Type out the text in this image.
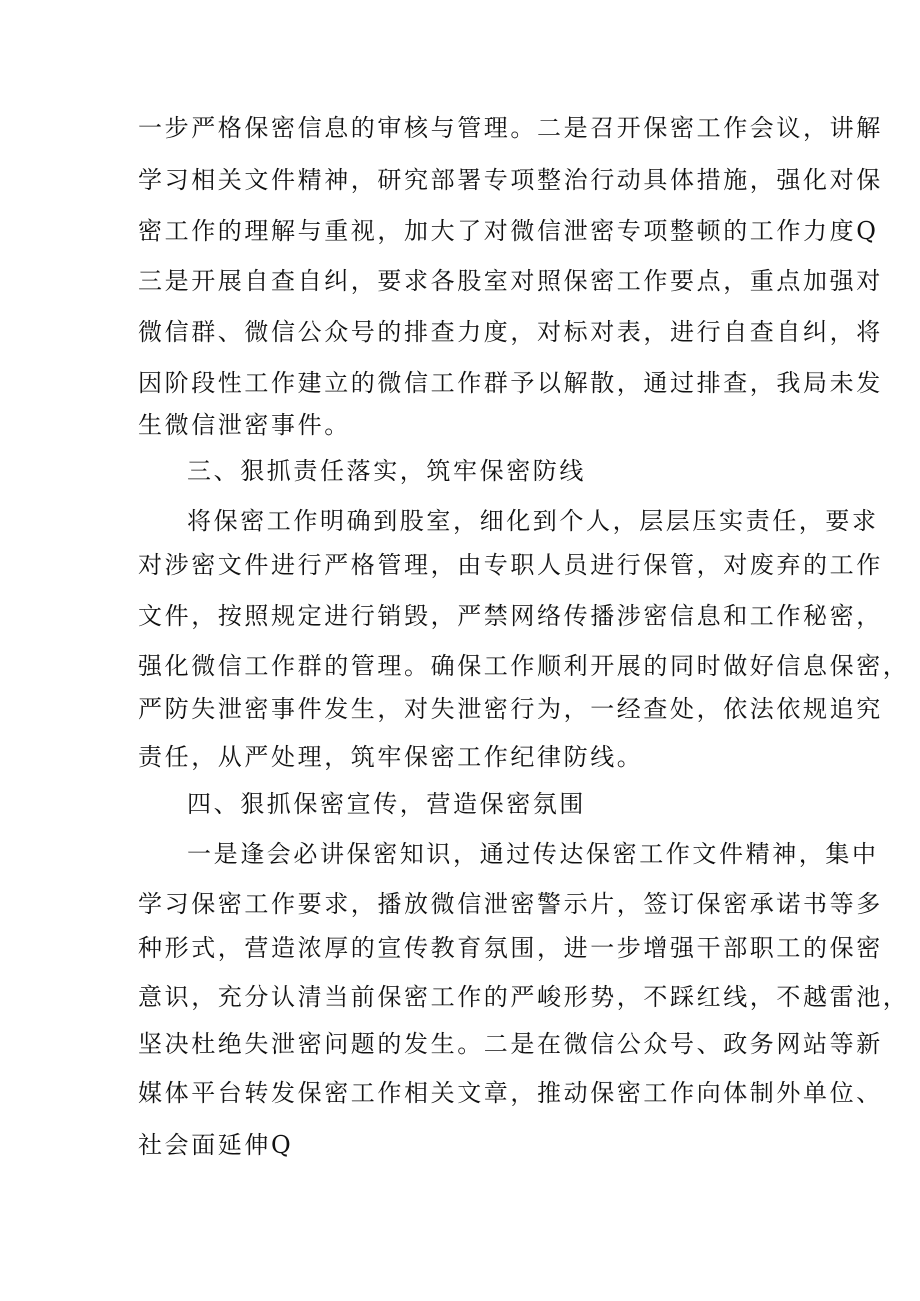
一步严格保密信息的审核与管理。二是召开保密工作会议，讲解
学习相关文件精神，研究部署专项整治行动具体措施，强化对保
密工作的理解与重视，加大了对微信泄密专项整顿的工作力度Q
三是开展自查自纠，要求各股室对照保密工作要点，重点加强对
微信群、微信公众号的排查力度，对标对表，进行自查自纠，将
因阶段性工作建立的微信工作群予以解散，通过排查，我局未发
生微信泄密事件。
三、狠抓责任落实，筑牢保密防线
将保密工作明确到股室，细化到个人，层层压实责任，要求
对涉密文件进行严格管理，由专职人员进行保管，对废弃的工作
文件，按照规定进行销毁，严禁网络传播涉密信息和工作秘密，
强化微信工作群的管理。确保工作顺利开展的同时做好信息保密，
严防失泄密事件发生，对失泄密行为，一经查处，依法依规追究
责任，从严处理，筑牢保密工作纪律防线。
四、狠抓保密宣传，营造保密氛围
一是逢会必讲保密知识，通过传达保密工作文件精神，集中
学习保密工作要求，播放微信泄密警示片，签订保密承诺书等多
种形式，营造浓厚的宣传教育氛围，进一步增强干部职工的保密
意识，充分认清当前保密工作的严峻形势，不踩红线，不越雷池，
坚决杜绝失泄密问题的发生。二是在微信公众号、政务网站等新
媒体平台转发保密工作相关文章，推动保密工作向体制外单位、
社会面延伸Q
